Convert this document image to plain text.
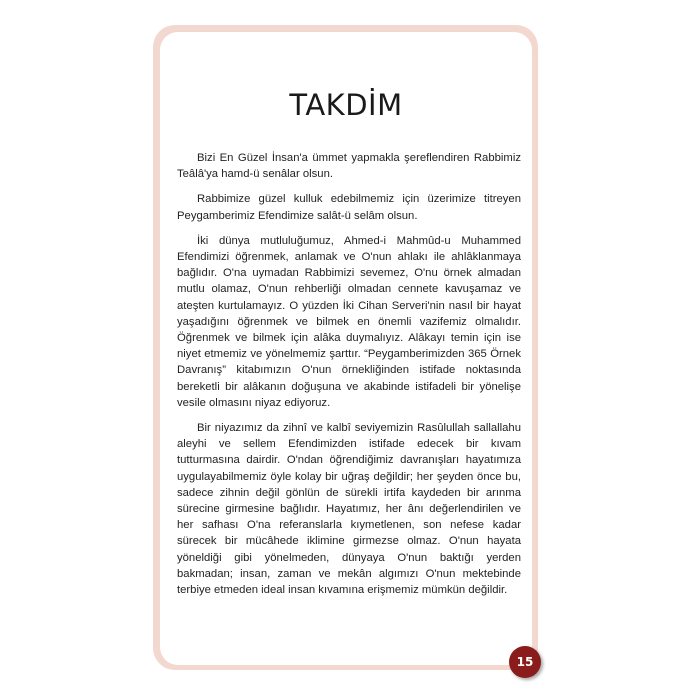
TAKDİM

Bizi En Güzel İnsan'a ümmet yapmakla şereflendiren Rabbimiz Teâlâ'ya hamd-ü senâlar olsun.

Rabbimize güzel kulluk edebilmemiz için üzerimize titreyen Peygamberimiz Efendimize salât-ü selâm olsun.

İki dünya mutluluğumuz, Ahmed-i Mahmûd-u Muhammed Efendimizi öğrenmek, anlamak ve O'nun ahlakı ile ahlâklanmaya bağlıdır. O'na uymadan Rabbimizi sevemez, O'nu örnek almadan mutlu olamaz, O'nun rehberliği olmadan cennete kavuşamaz ve ateşten kurtulamayız. O yüzden İki Cihan Serveri'nin nasıl bir hayat yaşadığını öğrenmek ve bilmek en önemli vazifemiz olmalıdır. Öğrenmek ve bilmek için alâka duymalıyız. Alâkayı temin için ise niyet etmemiz ve yönelmemiz şarttır. “Peygamberimizden 365 Örnek Davranış” kitabımızın O'nun örnekliğinden istifade noktasında bereketli bir alâkanın doğuşuna ve akabinde istifadeli bir yönelişe vesile olmasını niyaz ediyoruz.

Bir niyazımız da zihnî ve kalbî seviyemizin Rasûlullah sallallahu aleyhi ve sellem Efendimizden istifade edecek bir kıvam tutturmasına dairdir. O'ndan öğrendiğimiz davranışları hayatımıza uygulayabilmemiz öyle kolay bir uğraş değildir; her şeyden önce bu, sadece zihnin değil gönlün de sürekli irtifa kaydeden bir arınma sürecine girmesine bağlıdır. Hayatımız, her ânı değerlendirilen ve her safhası O'na referanslarla kıymetlenen, son nefese kadar sürecek bir mücâhede iklimine girmezse olmaz. O'nun hayata yöneldiği gibi yönelmeden, dünyaya O'nun baktığı yerden bakmadan; insan, zaman ve mekân algımızı O'nun mektebinde terbiye etmeden ideal insan kıvamına erişmemiz mümkün değildir.

15
